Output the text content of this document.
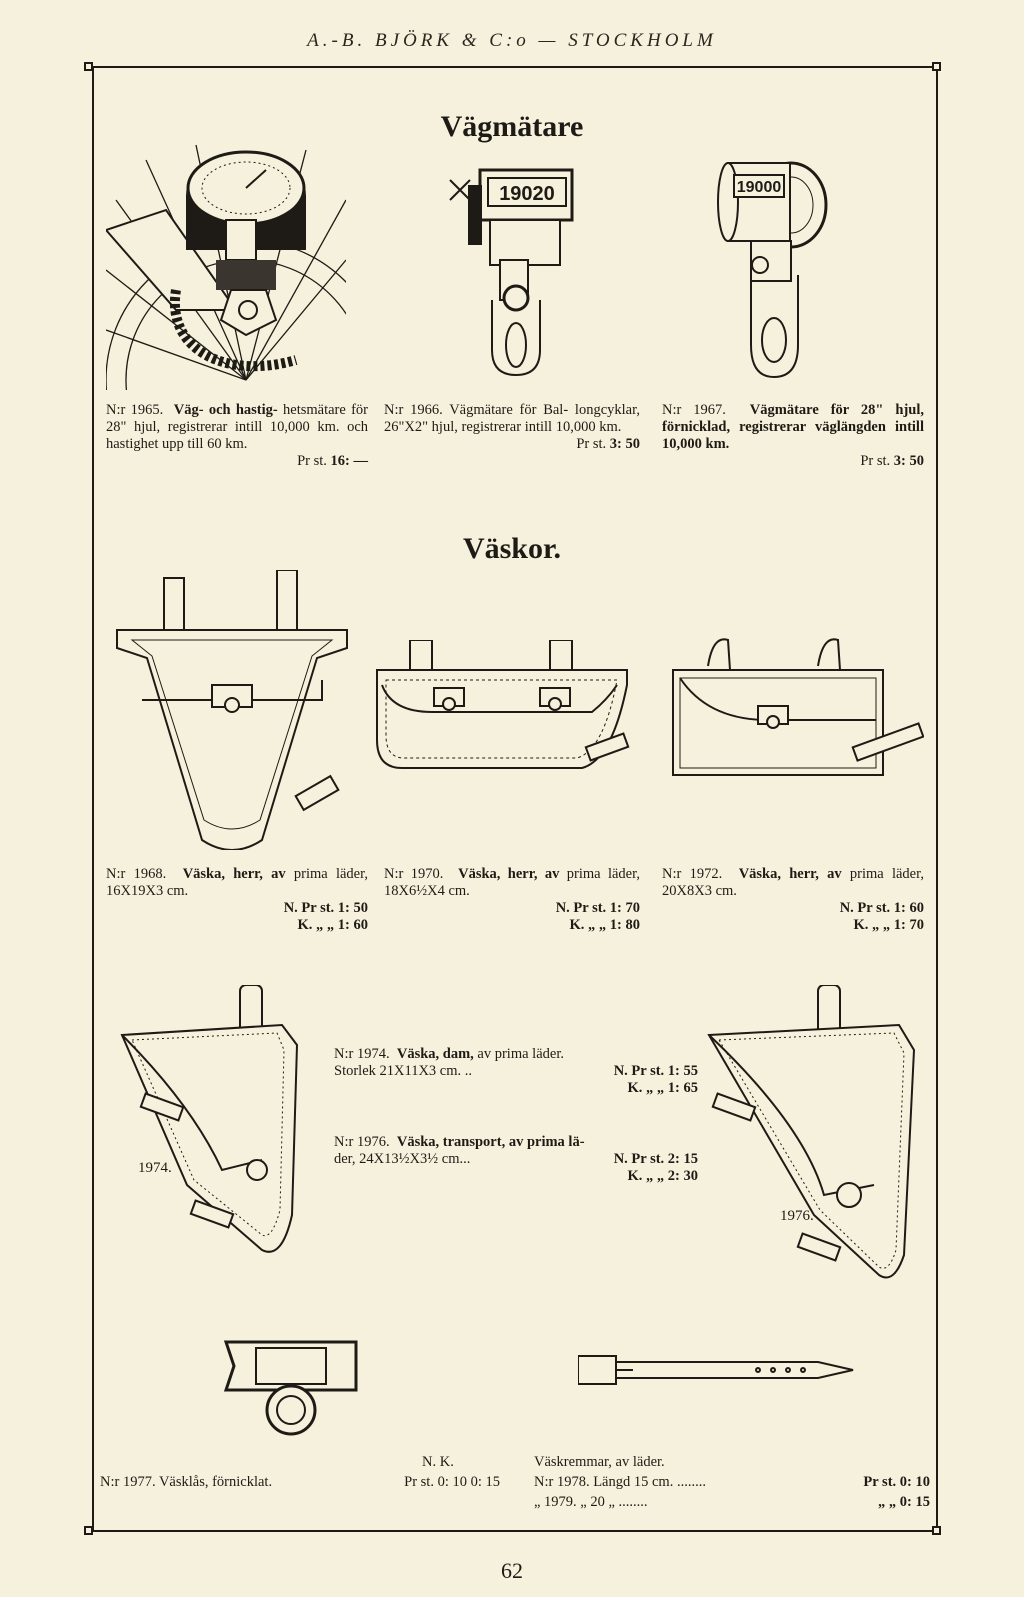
A.-B. BJÖRK & C:o — STOCKHOLM
Vägmätare
19020	19000
N:r 1965. Väg- och hastig- hetsmätare för 28" hjul, registrerar intill 10,000 km. och hastighet upp till 60 km.
Pr st. 16: —
N:r 1966. Vägmätare för Bal- longcyklar, 26"X2" hjul, registrerar intill 10,000 km.
Pr st. 3: 50
N:r 1967. Vägmätare för 28" hjul, förnicklad, registrerar väglängden intill 10,000 km.
Pr st. 3: 50
Väskor.
N:r 1968. Väska, herr, av prima läder, 16X19X3 cm.
N. Pr st. 1: 50
K. „ „ 1: 60
N:r 1970. Väska, herr, av prima läder, 18X6½X4 cm.
N. Pr st. 1: 70
K. „ „ 1: 80
N:r 1972. Väska, herr, av prima läder, 20X8X3 cm.
N. Pr st. 1: 60
K. „ „ 1: 70
1974.
1976.
N:r 1974. Väska, dam, av prima läder.
Storlek 21X11X3 cm. ..	N. Pr st. 1: 55
K. „ „ 1: 65
N:r 1976. Väska, transport, av prima lä-
der, 24X13½X3½ cm...	N. Pr st. 2: 15
K. „ „ 2: 30
N. K.
N:r 1977. Väsklås, förnicklat.	Pr st. 0: 10 0: 15
Väskremmar, av läder.
N:r 1978. Längd 15 cm. ........	Pr st. 0: 10
„ 1979. „ 20 „ ........	„ „ 0: 15
62
